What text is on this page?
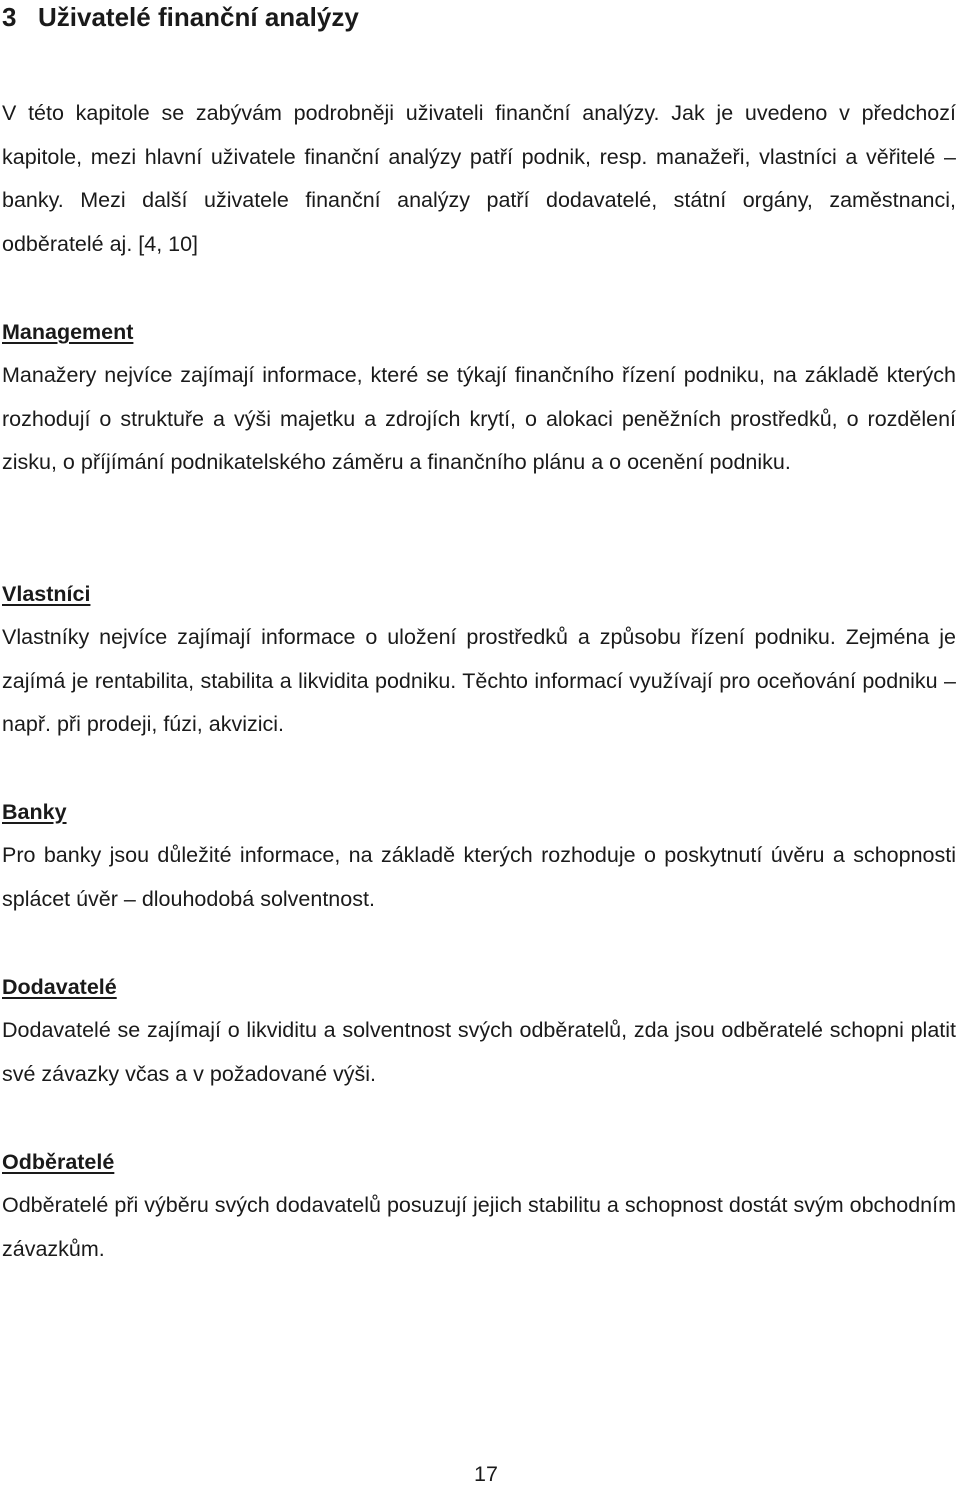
3 Uživatelé finanční analýzy

V této kapitole se zabývám podrobněji uživateli finanční analýzy. Jak je uvedeno v předchozí kapitole, mezi hlavní uživatele finanční analýzy patří podnik, resp. manažeři, vlastníci a věřitelé – banky. Mezi další uživatele finanční analýzy patří dodavatelé, státní orgány, zaměstnanci, odběratelé aj. [4, 10]

Management

Manažery nejvíce zajímají informace, které se týkají finančního řízení podniku, na základě kterých rozhodují o struktuře a výši majetku a zdrojích krytí, o alokaci peněžních prostředků, o rozdělení zisku, o příjímání podnikatelského záměru a finančního plánu a o ocenění podniku.

Vlastníci

Vlastníky nejvíce zajímají informace o uložení prostředků a způsobu řízení podniku. Zejména je zajímá je rentabilita, stabilita a likvidita podniku. Těchto informací využívají pro oceňování podniku – např. při prodeji, fúzi, akvizici.

Banky

Pro banky jsou důležité informace, na základě kterých rozhoduje o poskytnutí úvěru a schopnosti splácet úvěr – dlouhodobá solventnost.

Dodavatelé

Dodavatelé se zajímají o likviditu a solventnost svých odběratelů, zda jsou odběratelé schopni platit své závazky včas a v požadované výši.

Odběratelé

Odběratelé při výběru svých dodavatelů posuzují jejich stabilitu a schopnost dostát svým obchodním závazkům.

17
